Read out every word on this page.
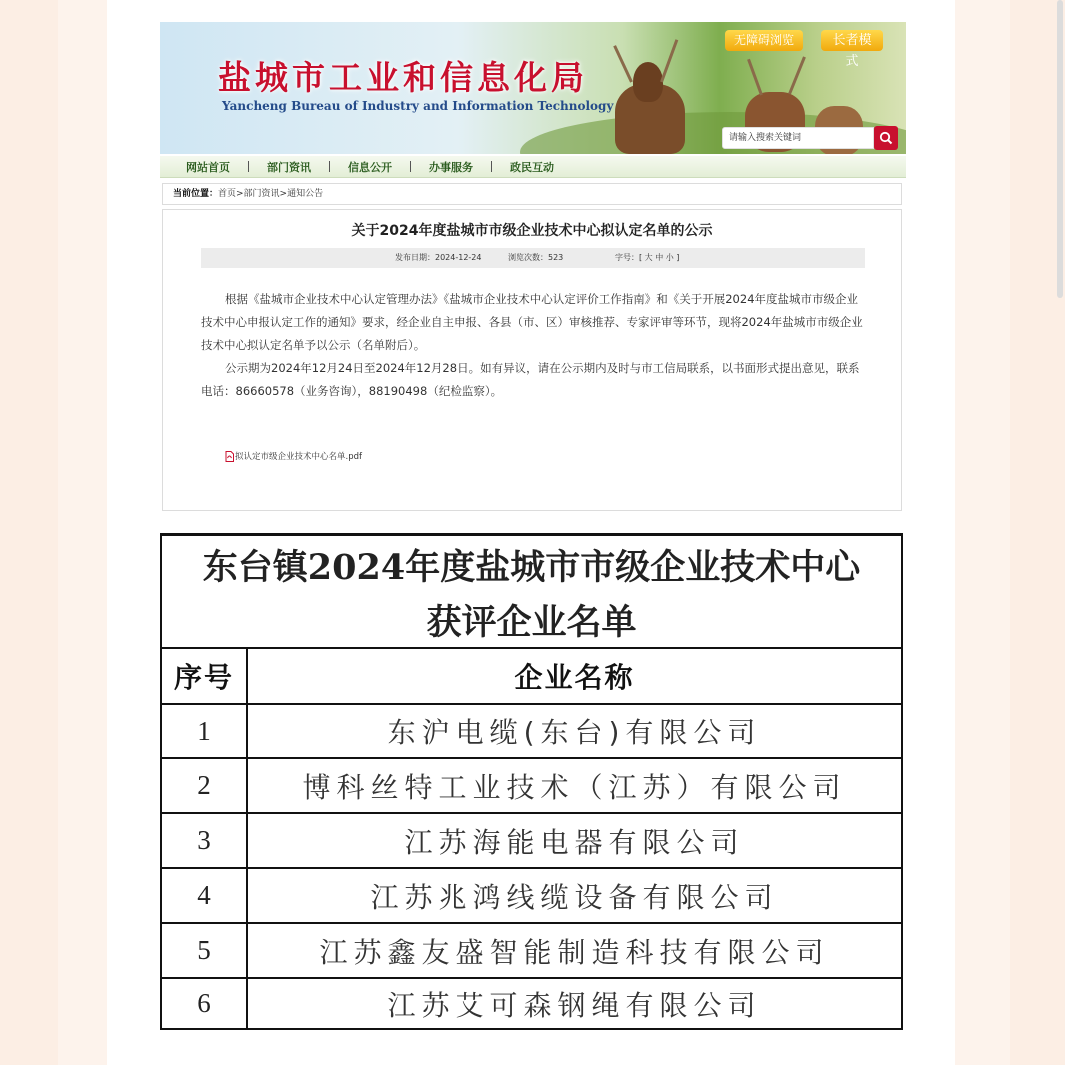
盐城市工业和信息化局
Yancheng Bureau of Industry and Information Technology
无障碍浏览	长者模式
请输入搜索关键词
网站首页	部门资讯	信息公开	办事服务	政民互动
当前位置：首页>部门资讯>通知公告
关于2024年度盐城市市级企业技术中心拟认定名单的公示
发布日期：2024-12-24	浏览次数：523	字号：[ 大 中 小 ]

根据《盐城市企业技术中心认定管理办法》《盐城市企业技术中心认定评价工作指南》和《关于开展2024年度盐城市市级企业技术中心申报认定工作的通知》要求，经企业自主申报、各县（市、区）审核推荐、专家评审等环节，现将2024年盐城市市级企业技术中心拟认定名单予以公示（名单附后）。

公示期为2024年12月24日至2024年12月28日。如有异议，请在公示期内及时与市工信局联系，以书面形式提出意见，联系电话：86660578（业务咨询），88190498（纪检监察）。

拟认定市级企业技术中心名单.pdf
东台镇2024年度盐城市市级企业技术中心
获评企业名单
序号	企业名称
1	东沪电缆(东台)有限公司
2	博科丝特工业技术（江苏）有限公司
3	江苏海能电器有限公司
4	江苏兆鸿线缆设备有限公司
5	江苏鑫友盛智能制造科技有限公司
6	江苏艾可森钢绳有限公司
